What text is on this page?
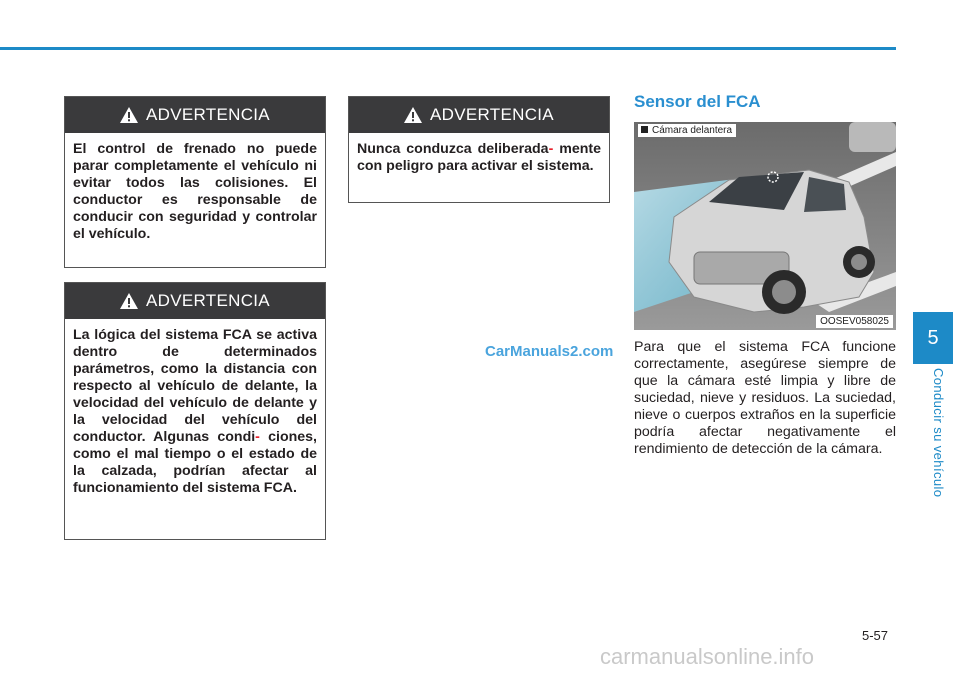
ADVERTENCIA
El control de frenado no puede parar completamente el vehículo ni evitar todos las colisiones. El conductor es responsable de conducir con seguridad y controlar el vehículo.
ADVERTENCIA
La lógica del sistema FCA se activa dentro de determinados parámetros, como la distancia con respecto al vehículo de delante, la velocidad del vehículo de delante y la velocidad del vehículo del conductor. Algunas condi- ciones, como el mal tiempo o el estado de la calzada, podrían afectar al funcionamiento del sistema FCA.
ADVERTENCIA
Nunca conduzca deliberada- mente con peligro para activar el sistema.
Sensor del FCA
Cámara delantera
OOSEV058025
Para que el sistema FCA funcione correctamente, asegúrese siempre de que la cámara esté limpia y libre de suciedad, nieve y residuos. La suciedad, nieve o cuerpos extraños en la superficie podría afectar negativamente el rendimiento de detección de la cámara.
CarManuals2.com
5
Conducir su vehículo
5-57
carmanualsonline.info
